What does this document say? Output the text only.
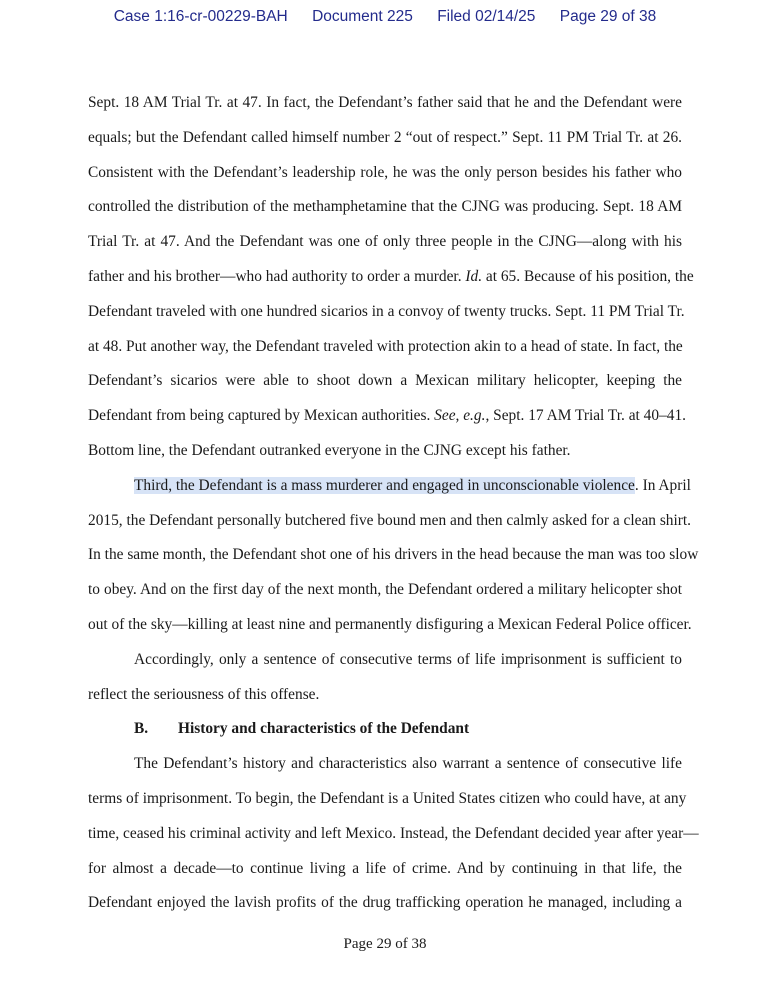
Case 1:16-cr-00229-BAH Document 225 Filed 02/14/25 Page 29 of 38
Sept. 18 AM Trial Tr. at 47. In fact, the Defendant’s father said that he and the Defendant were
equals; but the Defendant called himself number 2 “out of respect.” Sept. 11 PM Trial Tr. at 26.
Consistent with the Defendant’s leadership role, he was the only person besides his father who
controlled the distribution of the methamphetamine that the CJNG was producing. Sept. 18 AM
Trial Tr. at 47. And the Defendant was one of only three people in the CJNG—along with his
father and his brother—who had authority to order a murder. Id. at 65. Because of his position, the
Defendant traveled with one hundred sicarios in a convoy of twenty trucks. Sept. 11 PM Trial Tr.
at 48. Put another way, the Defendant traveled with protection akin to a head of state. In fact, the
Defendant’s sicarios were able to shoot down a Mexican military helicopter, keeping the
Defendant from being captured by Mexican authorities. See, e.g., Sept. 17 AM Trial Tr. at 40–41.
Bottom line, the Defendant outranked everyone in the CJNG except his father.
Third, the Defendant is a mass murderer and engaged in unconscionable violence. In April
2015, the Defendant personally butchered five bound men and then calmly asked for a clean shirt.
In the same month, the Defendant shot one of his drivers in the head because the man was too slow
to obey. And on the first day of the next month, the Defendant ordered a military helicopter shot
out of the sky—killing at least nine and permanently disfiguring a Mexican Federal Police officer.
Accordingly, only a sentence of consecutive terms of life imprisonment is sufficient to
reflect the seriousness of this offense.
B. History and characteristics of the Defendant
The Defendant’s history and characteristics also warrant a sentence of consecutive life
terms of imprisonment. To begin, the Defendant is a United States citizen who could have, at any
time, ceased his criminal activity and left Mexico. Instead, the Defendant decided year after year—
for almost a decade—to continue living a life of crime. And by continuing in that life, the
Defendant enjoyed the lavish profits of the drug trafficking operation he managed, including a
Page 29 of 38
